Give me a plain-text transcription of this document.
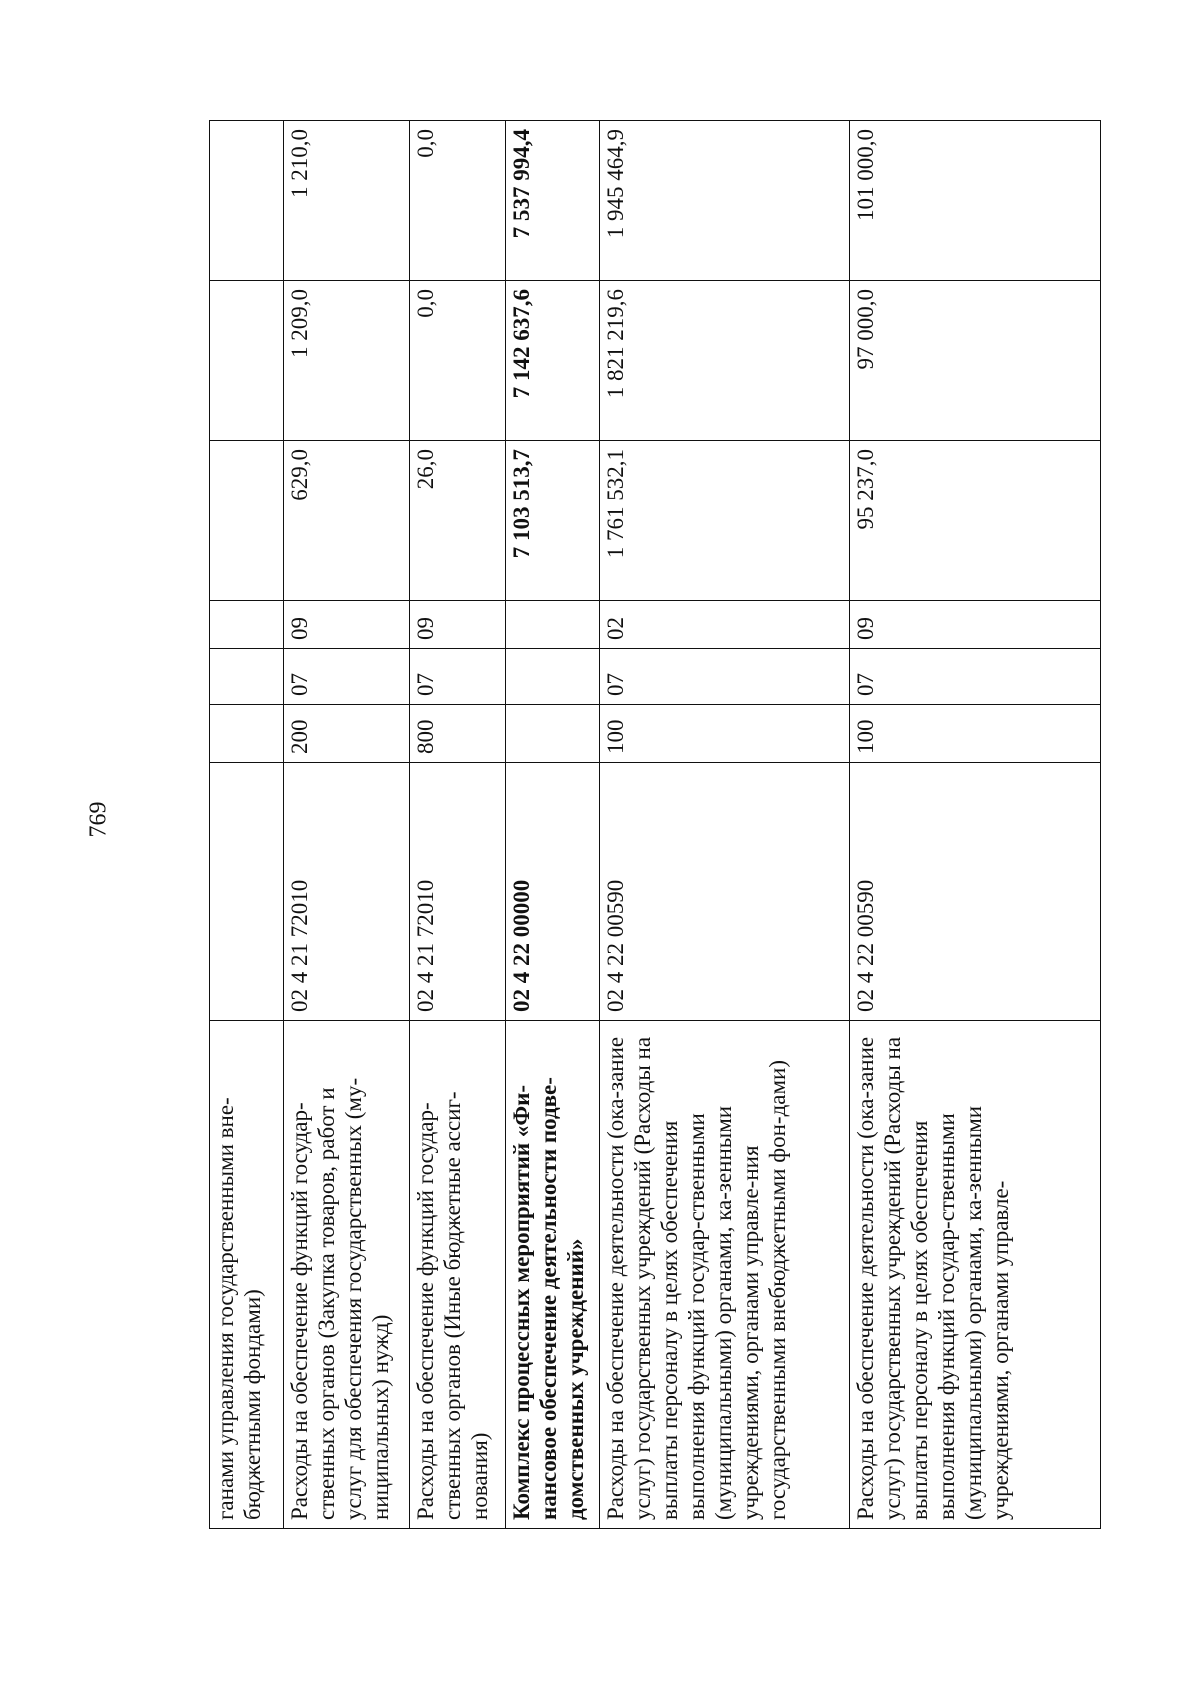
769
ганами управления государственными вне-бюджетными фондами)							
Расходы на обеспечение функций государ-ственных органов (Закупка товаров, работ и услуг для обеспечения государственных (му-ниципальных) нужд)	02 4 21 72010	200	07	09	629,0	1 209,0	1 210,0
Расходы на обеспечение функций государ-ственных органов (Иные бюджетные ассиг-нования)	02 4 21 72010	800	07	09	26,0	0,0	0,0
Комплекс процессных мероприятий «Фи-нансовое обеспечение деятельности подве-домственных учреждений»	02 4 22 00000				7 103 513,7	7 142 637,6	7 537 994,4
Расходы на обеспечение деятельности (ока-зание услуг) государственных учреждений (Расходы на выплаты персоналу в целях обеспечения выполнения функций государ-ственными (муниципальными) органами, ка-зенными учреждениями, органами управле-ния государственными внебюджетными фон-дами)	02 4 22 00590	100	07	02	1 761 532,1	1 821 219,6	1 945 464,9
Расходы на обеспечение деятельности (ока-зание услуг) государственных учреждений (Расходы на выплаты персоналу в целях обеспечения выполнения функций государ-ственными (муниципальными) органами, ка-зенными учреждениями, органами управле-	02 4 22 00590	100	07	09	95 237,0	97 000,0	101 000,0
